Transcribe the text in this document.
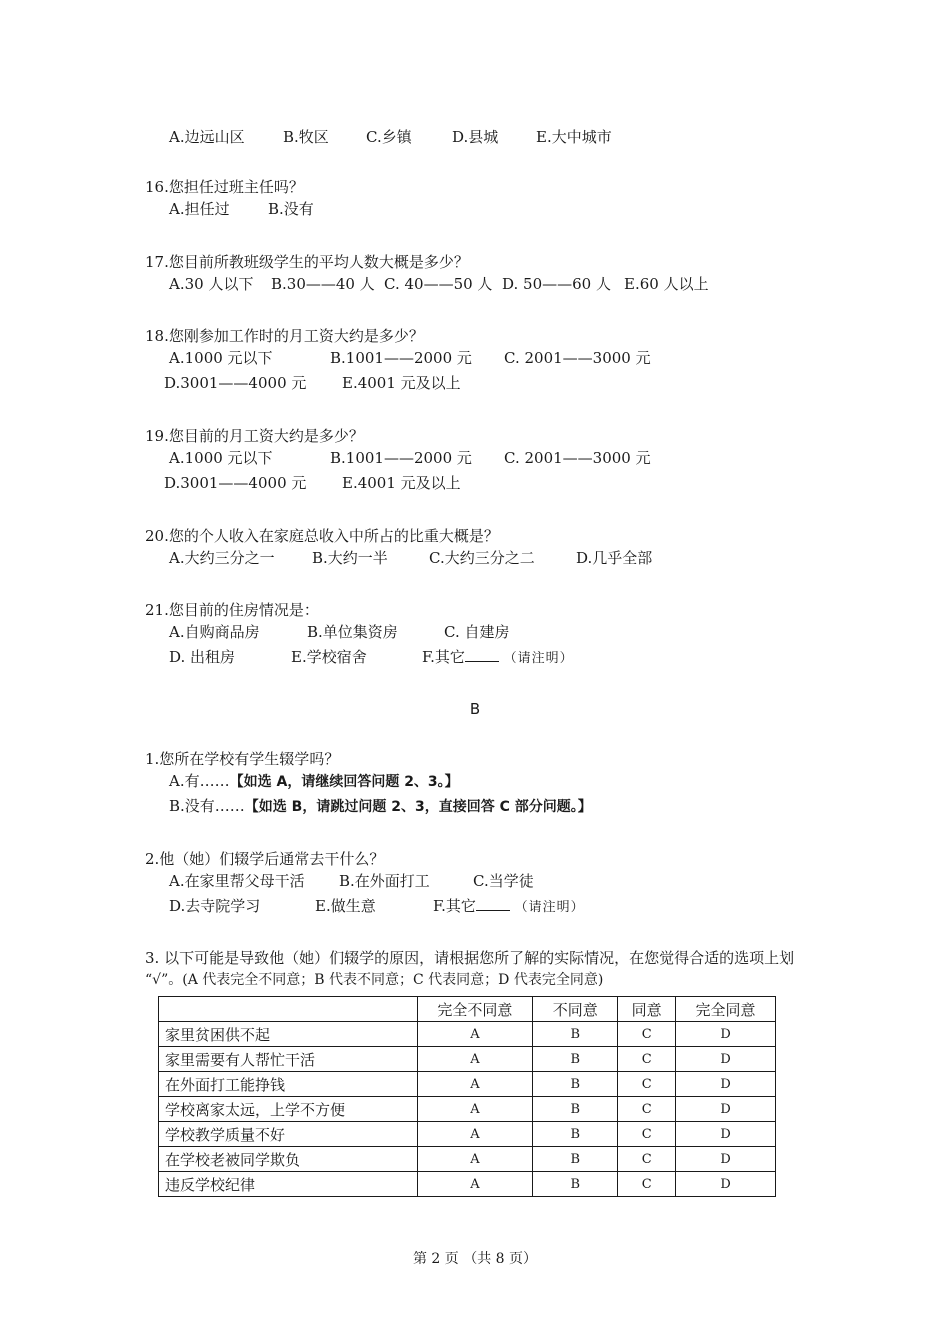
A.边远山区	B.牧区 C.乡镇	D.县城	E.大中城市
16.您担任过班主任吗？
A.担任过	B.没有
17.您目前所教班级学生的平均人数大概是多少？
A.30 人以下 B.30——40 人 C. 40——50 人 D. 50——60 人 E.60 人以上
18.您刚参加工作时的月工资大约是多少？
A.1000 元以下	B.1001——2000 元 C. 2001——3000 元
D.3001——4000 元 E.4001 元及以上
19.您目前的月工资大约是多少？
A.1000 元以下	B.1001——2000 元 C. 2001——3000 元
D.3001——4000 元 E.4001 元及以上
20.您的个人收入在家庭总收入中所占的比重大概是？
A.大约三分之一 B.大约一半	C.大约三分之二	D.几乎全部
21.您目前的住房情况是：
A.自购商品房	B.单位集资房	C. 自建房
D. 出租房	E.学校宿舍	F.其它	（请注明）
B
1.您所在学校有学生辍学吗？
A.有……【如选 A，请继续回答问题 2、3。】
B.没有……【如选 B，请跳过问题 2、3，直接回答 C 部分问题。】
2.他（她）们辍学后通常去干什么？
A.在家里帮父母干活 B.在外面打工	C.当学徒
D.去寺院学习	E.做生意	F.其它	（请注明）
3. 以下可能是导致他（她）们辍学的原因，请根据您所了解的实际情况，在您觉得合适的选项上划
“√”。(A 代表完全不同意；B 代表不同意；C 代表同意；D 代表完全同意)
	完全不同意	不同意	同意	完全同意
家里贫困供不起	A	B	C	D
家里需要有人帮忙干活	A	B	C	D
在外面打工能挣钱	A	B	C	D
学校离家太远，上学不方便	A	B	C	D
学校教学质量不好	A	B	C	D
在学校老被同学欺负	A	B	C	D
违反学校纪律	A	B	C	D
第 2 页 （共 8 页）
